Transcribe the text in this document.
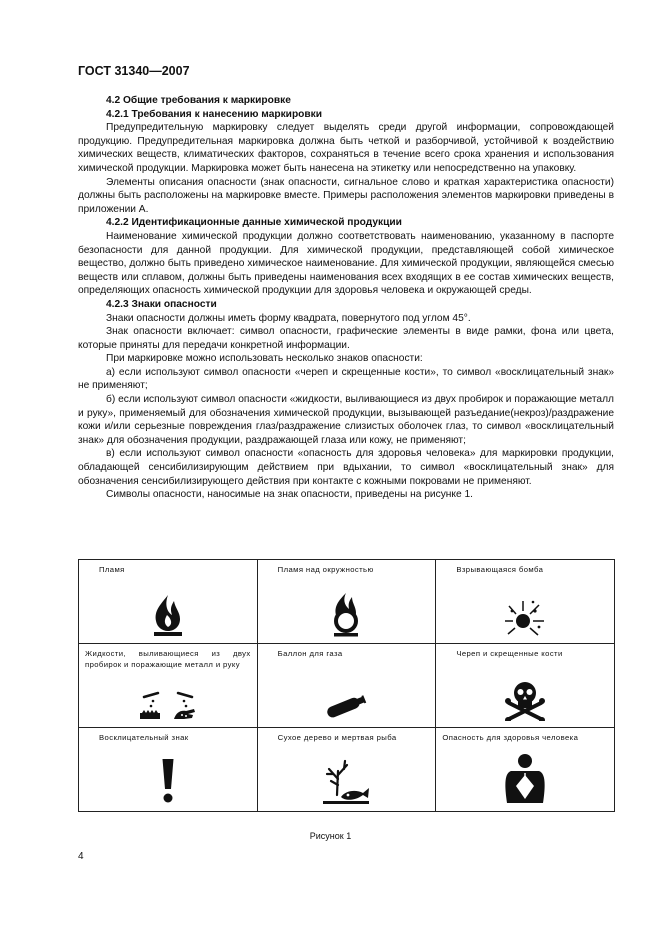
ГОСТ 31340—2007

4.2 Общие требования к маркировке

4.2.1 Требования к нанесению маркировки

Предупредительную маркировку следует выделять среди другой информации, сопровождающей продукцию. Предупредительная маркировка должна быть четкой и разборчивой, устойчивой к воздействию химических веществ, климатических факторов, сохраняться в течение всего срока хранения и использования химической продукции. Маркировка может быть нанесена на этикетку или непосредственно на упаковку.

Элементы описания опасности (знак опасности, сигнальное слово и краткая характеристика опасности) должны быть расположены на маркировке вместе. Примеры расположения элементов маркировки приведены в приложении А.

4.2.2 Идентификационные данные химической продукции

Наименование химической продукции должно соответствовать наименованию, указанному в паспорте безопасности для данной продукции. Для химической продукции, представляющей собой химическое вещество, должно быть приведено химическое наименование. Для химической продукции, являющейся смесью веществ или сплавом, должны быть приведены наименования всех входящих в ее состав химических веществ, определяющих опасность химической продукции для здоровья человека и окружающей среды.

4.2.3 Знаки опасности

Знаки опасности должны иметь форму квадрата, повернутого под углом 45°.

Знак опасности включает: символ опасности, графические элементы в виде рамки, фона или цвета, которые приняты для передачи конкретной информации.

При маркировке можно использовать несколько знаков опасности:

а) если используют символ опасности «череп и скрещенные кости», то символ «восклицательный знак» не применяют;

б) если используют символ опасности «жидкости, выливающиеся из двух пробирок и поражающие металл и руку», применяемый для обозначения химической продукции, вызывающей разъедание(некроз)/раздражение кожи и/или серьезные повреждения глаз/раздражение слизистых оболочек глаз, то символ «восклицательный знак» для обозначения продукции, раздражающей глаза или кожу, не применяют;

в) если используют символ опасности «опасность для здоровья человека» для маркировки продукции, обладающей сенсибилизирующим действием при вдыхании, то символ «восклицательный знак» для обозначения сенсибилизирующего действия при контакте с кожными покровами не применяют.

Символы опасности, наносимые на знак опасности, приведены на рисунке 1.

Пламя	Пламя над окружностью	Взрывающаяся бомба

Жидкости, выливающиеся из двух пробирок и поражающие металл и руку	Баллон для газа	Череп и скрещенные кости

Восклицательный знак	Сухое дерево и мертвая рыба	Опасность для здоровья человека
Рисунок 1
4
